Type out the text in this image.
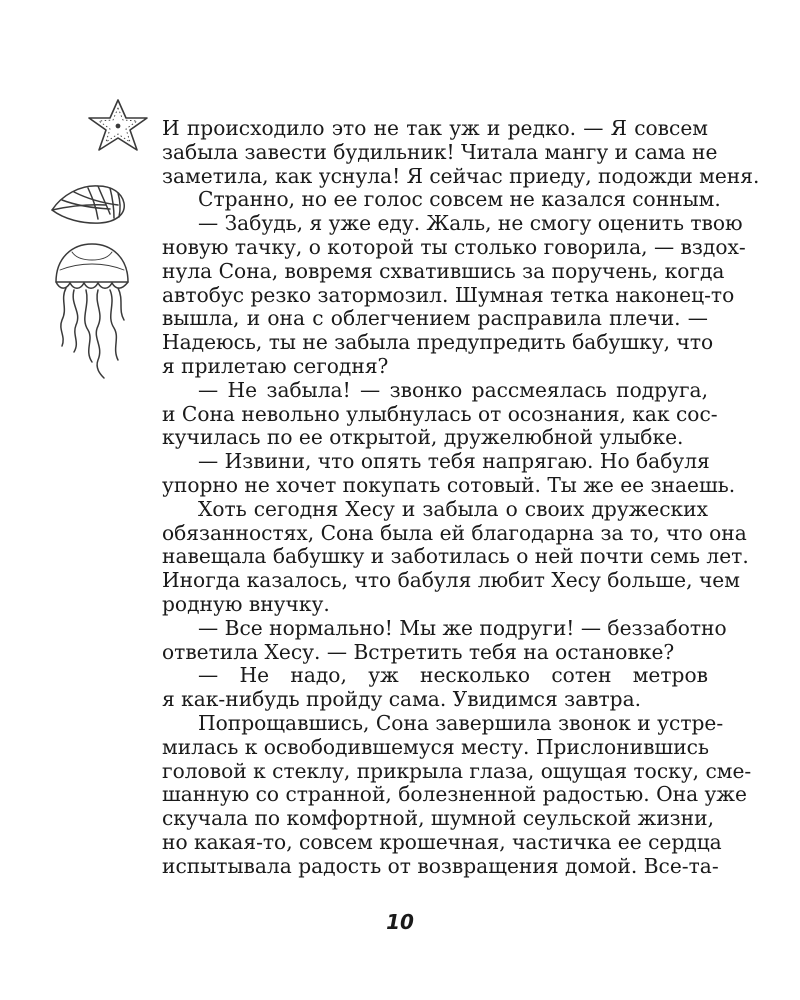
И происходило это не так уж и редко. — Я совсем
забыла завести будильник! Читала мангу и сама не
заметила, как уснула! Я сейчас приеду, подожди меня.
Странно, но ее голос совсем не казался сонным.
— Забудь, я уже еду. Жаль, не смогу оценить твою
новую тачку, о которой ты столько говорила, — вздох-
нула Сона, вовремя схватившись за поручень, когда
автобус резко затормозил. Шумная тетка наконец-то
вышла, и она с облегчением расправила плечи. —
Надеюсь, ты не забыла предупредить бабушку, что
я прилетаю сегодня?
— Не забыла! — звонко рассмеялась подруга,
и Сона невольно улыбнулась от осознания, как сос-
кучилась по ее открытой, дружелюбной улыбке.
— Извини, что опять тебя напрягаю. Но бабуля
упорно не хочет покупать сотовый. Ты же ее знаешь.
Хоть сегодня Хесу и забыла о своих дружеских
обязанностях, Сона была ей благодарна за то, что она
навещала бабушку и заботилась о ней почти семь лет.
Иногда казалось, что бабуля любит Хесу больше, чем
родную внучку.
— Все нормально! Мы же подруги! — беззаботно
ответила Хесу. — Встретить тебя на остановке?
— Не надо, уж несколько сотен метров
я как-нибудь пройду сама. Увидимся завтра.
Попрощавшись, Сона завершила звонок и устре-
милась к освободившемуся месту. Прислонившись
головой к стеклу, прикрыла глаза, ощущая тоску, сме-
шанную со странной, болезненной радостью. Она уже
скучала по комфортной, шумной сеульской жизни,
но какая-то, совсем крошечная, частичка ее сердца
испытывала радость от возвращения домой. Все-та-
10
